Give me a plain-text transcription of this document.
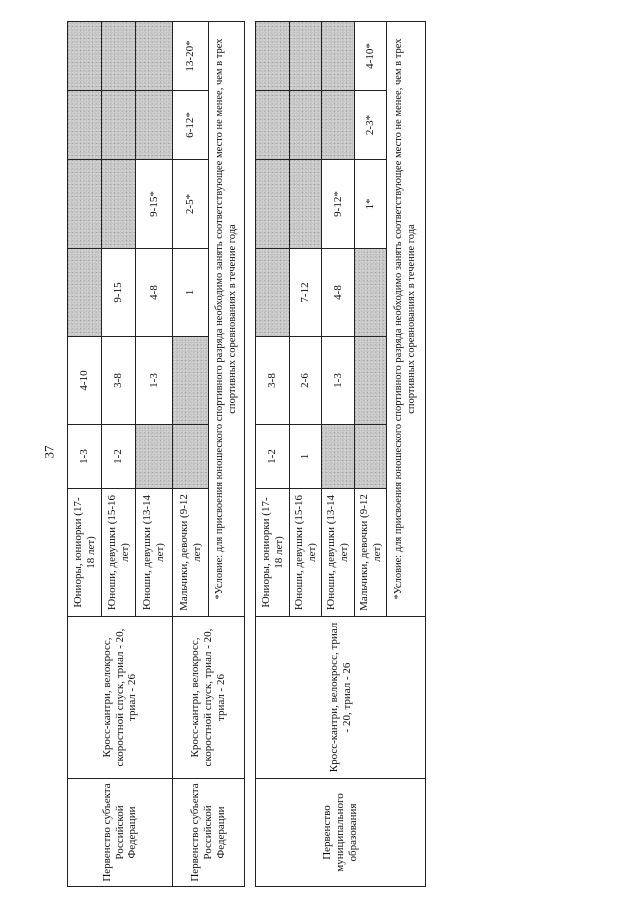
37
Первенство субъекта Российской Федерации	Кросс-кантри, велокросс, скоростной спуск, триал - 20, триал - 26	Юниоры, юниорки (17-18 лет)	1-3	4-10				
		Юноши, девушки (15-16 лет)	1-2	3-8	9-15			
		Юноши, девушки (13-14 лет)		1-3	4-8	9-15*		
Первенство субъекта Российской Федерации	Кросс-кантри, велокросс, скоростной спуск, триал - 20, триал - 26	Мальчики, девочки (9-12 лет)			1	2-5*	6-12*	13-20*
		*Условие: для присвоения юношеского спортивного разряда необходимо занять соответствующее место не менее, чем в трех спортивных соревнованиях в течение года						

Первенство муниципального образования	Кросс-кантри, велокросс, триал - 20, триал - 26	Юниоры, юниорки (17-18 лет)	1-2	3-8				
		Юноши, девушки (15-16 лет)	1	2-6	7-12			
		Юноши, девушки (13-14 лет)		1-3	4-8	9-12*		
		Мальчики, девочки (9-12 лет)				1*	2-3*	4-10*
		*Условие: для присвоения юношеского спортивного разряда необходимо занять соответствующее место не менее, чем в трех спортивных соревнованиях в течение года						
